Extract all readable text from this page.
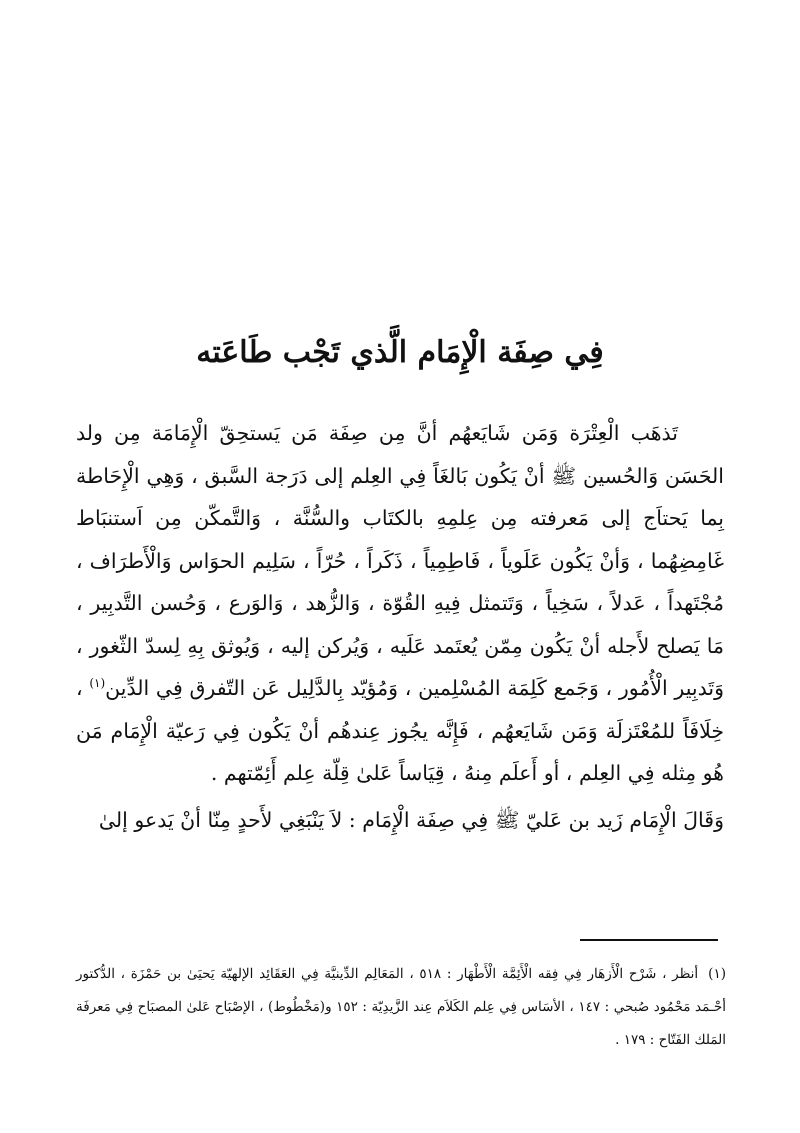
فِي صِفَة الْإِمَام الَّذي تَجْب طَاعَته

تَذهَب الْعِتْرَة وَمَن شَايَعهُم أنَّ مِن صِفَة مَن يَستحِقّ الْإِمَامَة مِن ولد الحَسَن وَالحُسين ﷺ أنْ يَكُون بَالغَاً فِي العِلم إلى دَرَجة السَّبق ، وَهِي الْإِحَاطة بِما يَحتاَج إلى مَعرفته مِن عِلمِهِ بالكتَاب والسُّنَّة ، وَالتَّمكّن مِن اَستنبَاط غَامِضِهُما ، وَأنْ يَكُون عَلَوياً ، فَاطِمِياً ، ذَكَراً ، حُرّاً ، سَلِيم الحوَاس وَالْأَطرَاف ، مُجْتَهداً ، عَدلاً ، سَخِياً ، وَتَتمثل فِيهِ القُوّة ، وَالزُّهد ، وَالوَرع ، وَحُسن التَّدبِير ، مَا يَصلح لأَجله أنْ يَكُون مِمّن يُعتَمد عَلَيه ، وَيُركن إليه ، وَيُوثق بِهِ لِسدّ الثّغور ، وَتَدبِير الْأُمُور ، وَجَمع كَلِمَة المُسْلِمين ، وَمُؤيّد بِالدَّلِيل عَن التّفرق فِي الدِّين$^{(١)}$ ، خِلَافَاً للمُعْتَزلَة وَمَن شَايَعهُم ، فَإِنَّه يجُوز عِندهُم أنْ يَكُون فِي رَعيّة الْإِمَام مَن هُو مِثله فِي العِلم ، أو أَعلَم مِنهُ ، قِيَاساً عَلىٰ قِلّة عِلم أَئِمّتهم .

وَقَالَ الْإِمَام زَيد بن عَليّ ﷺ فِي صِفَة الْإِمَام : لاَ يَنْبَغِي لأَحدٍ مِنّا أنْ يَدعو إلىٰ

(١)أنظر ، شَرْح الْأَزهَار فِي فِقه الْأَئِمَّة الْأَطْهَار : ٥١٨ ، المَعَالِم الدِّينيَّة فِي العَقَائِد الإلهيّة يَحيَىٰ بن حَمْزَة ، الدُّكتور أحْـمَد مَحْمُود صُبحي : ١٤٧ ، الأسَاس فِي عِلم الكَلاَم عِند الزَّيدِيّة : ١٥٢ و(مَخْطُوط) ، الإصْبَاح عَلىٰ المصبَاح فِي مَعرفَة المَلك الفَتّاح : ١٧٩ .
